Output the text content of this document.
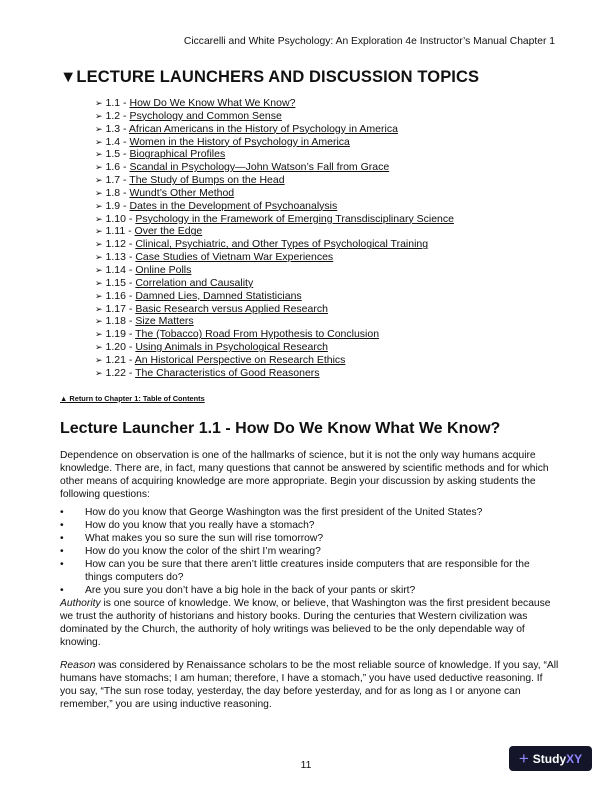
Ciccarelli and White Psychology: An Exploration 4e Instructor’s Manual Chapter 1
▼LECTURE LAUNCHERS AND DISCUSSION TOPICS
➢ 1.1 - How Do We Know What We Know?
➢ 1.2 - Psychology and Common Sense
➢ 1.3 - African Americans in the History of Psychology in America
➢ 1.4 - Women in the History of Psychology in America
➢ 1.5 - Biographical Profiles
➢ 1.6 - Scandal in Psychology—John Watson’s Fall from Grace
➢ 1.7 - The Study of Bumps on the Head
➢ 1.8 - Wundt’s Other Method
➢ 1.9 - Dates in the Development of Psychoanalysis
➢ 1.10 - Psychology in the Framework of Emerging Transdisciplinary Science
➢ 1.11 - Over the Edge
➢ 1.12 - Clinical, Psychiatric, and Other Types of Psychological Training
➢ 1.13 - Case Studies of Vietnam War Experiences
➢ 1.14 - Online Polls
➢ 1.15 - Correlation and Causality
➢ 1.16 - Damned Lies, Damned Statisticians
➢ 1.17 - Basic Research versus Applied Research
➢ 1.18 - Size Matters
➢ 1.19 - The (Tobacco) Road From Hypothesis to Conclusion
➢ 1.20 - Using Animals in Psychological Research
➢ 1.21 - An Historical Perspective on Research Ethics
➢ 1.22 - The Characteristics of Good Reasoners
▲ Return to Chapter 1: Table of Contents
Lecture Launcher 1.1 - How Do We Know What We Know?

Dependence on observation is one of the hallmarks of science, but it is not the only way humans acquire knowledge. There are, in fact, many questions that cannot be answered by scientific methods and for which other means of acquiring knowledge are more appropriate. Begin your discussion by asking students the following questions:

• How do you know that George Washington was the first president of the United States?
• How do you know that you really have a stomach?
• What makes you so sure the sun will rise tomorrow?
• How do you know the color of the shirt I’m wearing?
• How can you be sure that there aren’t little creatures inside computers that are responsible for the things computers do?
• Are you sure you don’t have a big hole in the back of your pants or skirt?

Authority is one source of knowledge. We know, or believe, that Washington was the first president because we trust the authority of historians and history books. During the centuries that Western civilization was dominated by the Church, the authority of holy writings was believed to be the only dependable way of knowing.

Reason was considered by Renaissance scholars to be the most reliable source of knowledge. If you say, “All humans have stomachs; I am human; therefore, I have a stomach,” you have used deductive reasoning. If you say, “The sun rose today, yesterday, the day before yesterday, and for as long as I or anyone can remember,” you are using inductive reasoning.

11	+ StudyXY
